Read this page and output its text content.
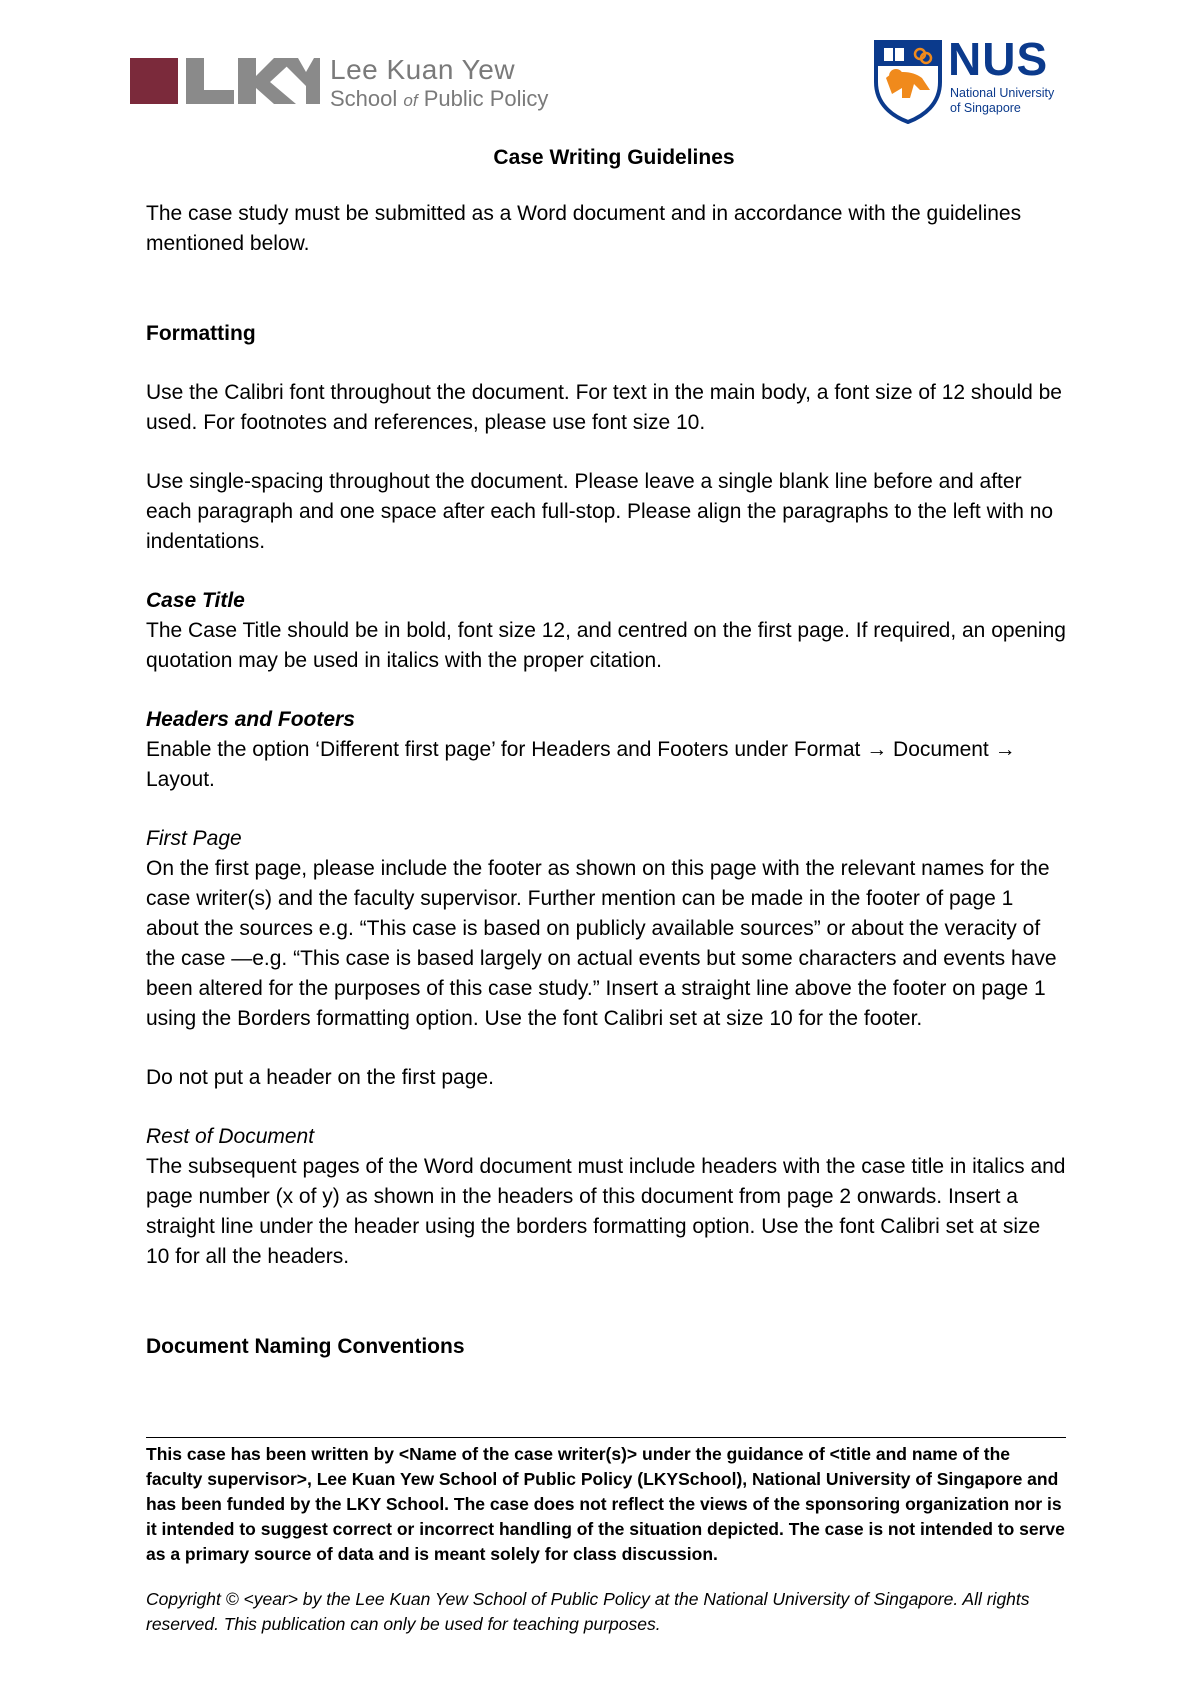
Lee Kuan Yew
School of Public Policy
NUS
National University
of Singapore

Case Writing Guidelines

The case study must be submitted as a Word document and in accordance with the guidelines mentioned below.

Formatting

Use the Calibri font throughout the document. For text in the main body, a font size of 12 should be used. For footnotes and references, please use font size 10.

Use single-spacing throughout the document. Please leave a single blank line before and after each paragraph and one space after each full-stop. Please align the paragraphs to the left with no indentations.

Case Title

The Case Title should be in bold, font size 12, and centred on the first page. If required, an opening quotation may be used in italics with the proper citation.

Headers and Footers

Enable the option ‘Different first page’ for Headers and Footers under Format → Document → Layout.

First Page

On the first page, please include the footer as shown on this page with the relevant names for the case writer(s) and the faculty supervisor. Further mention can be made in the footer of page 1 about the sources e.g. “This case is based on publicly available sources” or about the veracity of the case —e.g. “This case is based largely on actual events but some characters and events have been altered for the purposes of this case study.” Insert a straight line above the footer on page 1 using the Borders formatting option. Use the font Calibri set at size 10 for the footer.

Do not put a header on the first page.

Rest of Document

The subsequent pages of the Word document must include headers with the case title in italics and page number (x of y) as shown in the headers of this document from page 2 onwards. Insert a straight line under the header using the borders formatting option. Use the font Calibri set at size 10 for all the headers.

Document Naming Conventions

This case has been written by <Name of the case writer(s)> under the guidance of <title and name of the faculty supervisor>, Lee Kuan Yew School of Public Policy (LKYSchool), National University of Singapore and has been funded by the LKY School. The case does not reflect the views of the sponsoring organization nor is it intended to suggest correct or incorrect handling of the situation depicted. The case is not intended to serve as a primary source of data and is meant solely for class discussion.

Copyright © <year> by the Lee Kuan Yew School of Public Policy at the National University of Singapore. All rights reserved. This publication can only be used for teaching purposes.
